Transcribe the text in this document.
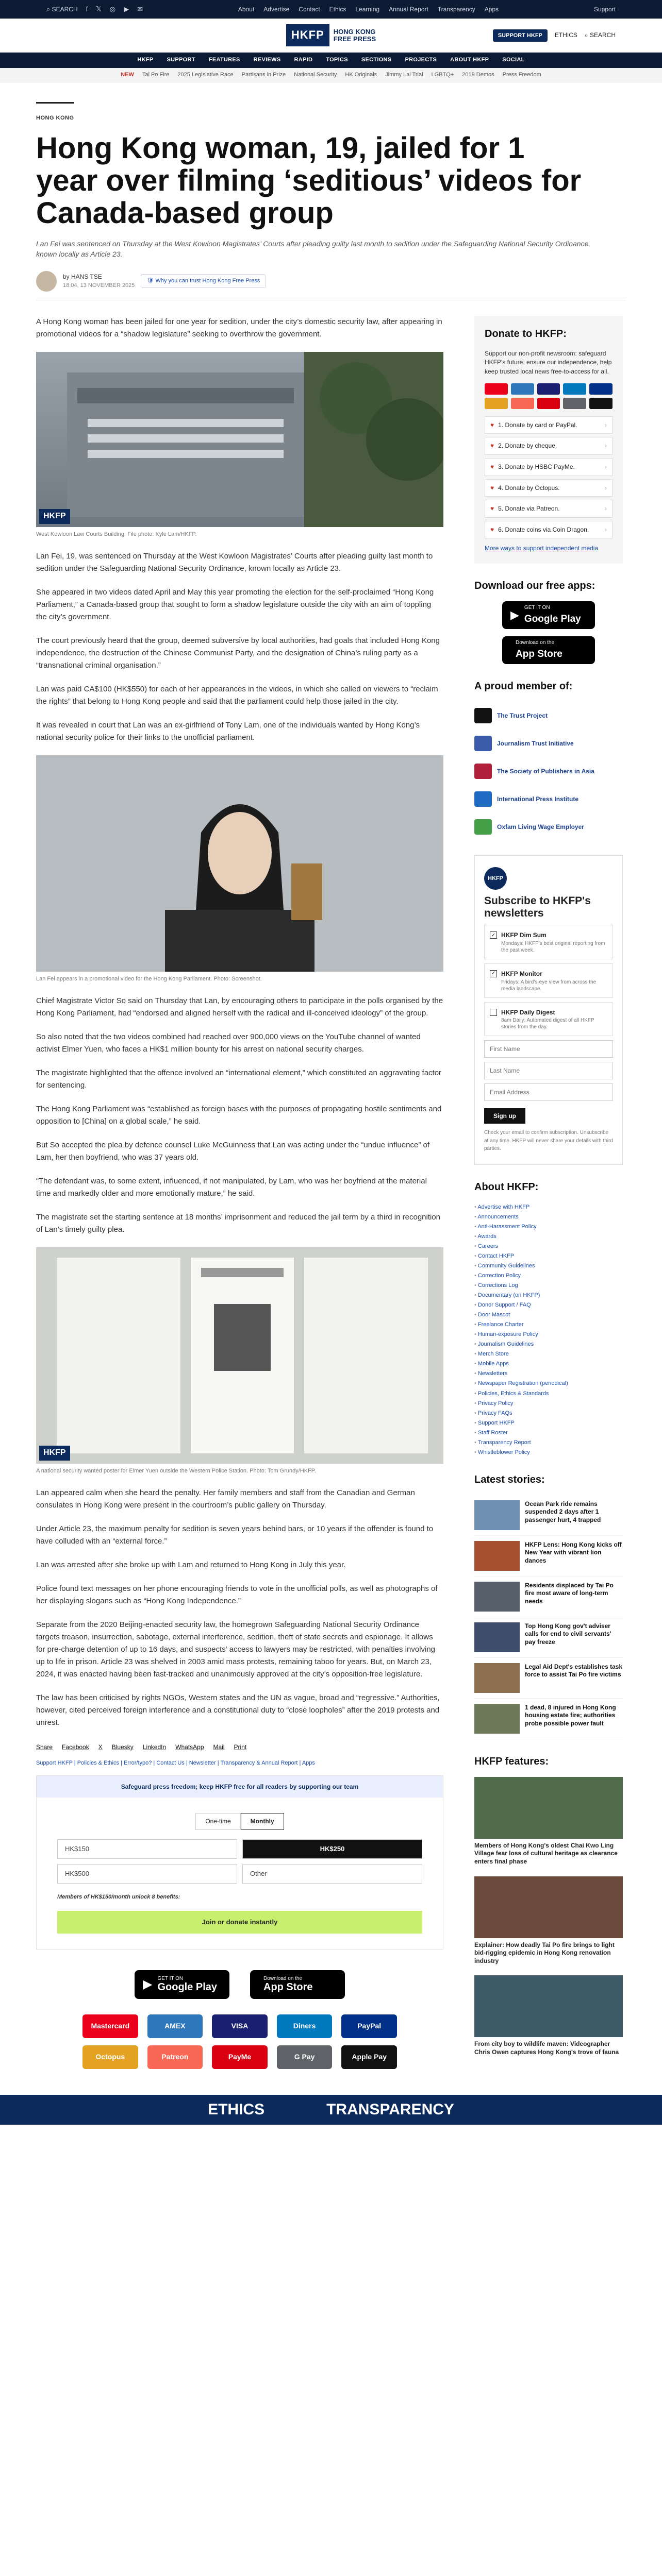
⌕ SEARCH f 𝕏 ◎ ▶ ✉	About Advertise Contact Ethics Learning Annual Report Transparency Apps	Support
HKFP	HONG KONG
FREE PRESS	SUPPORT HKFP	ETHICS ⌕ SEARCH
HKFP SUPPORT FEATURES REVIEWS RAPID TOPICS SECTIONS PROJECTS ABOUT HKFP SOCIAL
NEW Tai Po Fire 2025 Legislative Race Partisans in Prize National Security HK Originals Jimmy Lai Trial LGBTQ+ 2019 Demos Press Freedom
HONG KONG
Hong Kong woman, 19, jailed for 1 year over filming ‘seditious’ videos for Canada-based group
Lan Fei was sentenced on Thursday at the West Kowloon Magistrates’ Courts after pleading guilty last month to sedition under the Safeguarding National Security Ordinance, known locally as Article 23.
by HANS TSE
18:04, 13 NOVEMBER 2025
🛡 Why you can trust Hong Kong Free Press

A Hong Kong woman has been jailed for one year for sedition, under the city’s domestic security law, after appearing in promotional videos for a “shadow legislature” seeking to overthrow the government.

HKFP
West Kowloon Law Courts Building. File photo: Kyle Lam/HKFP.

Lan Fei, 19, was sentenced on Thursday at the West Kowloon Magistrates’ Courts after pleading guilty last month to sedition under the Safeguarding National Security Ordinance, known locally as Article 23.

She appeared in two videos dated April and May this year promoting the election for the self-proclaimed “Hong Kong Parliament,” a Canada-based group that sought to form a shadow legislature outside the city with an aim of toppling the city’s government.

The court previously heard that the group, deemed subversive by local authorities, had goals that included Hong Kong independence, the destruction of the Chinese Communist Party, and the designation of China’s ruling party as a “transnational criminal organisation.”

Lan was paid CA$100 (HK$550) for each of her appearances in the videos, in which she called on viewers to “reclaim the rights” that belong to Hong Kong people and said that the parliament could help those jailed in the city.

It was revealed in court that Lan was an ex-girlfriend of Tony Lam, one of the individuals wanted by Hong Kong’s national security police for their links to the unofficial parliament.

Lan Fei appears in a promotional video for the Hong Kong Parliament. Photo: Screenshot.

Chief Magistrate Victor So said on Thursday that Lan, by encouraging others to participate in the polls organised by the Hong Kong Parliament, had “endorsed and aligned herself with the radical and ill-conceived ideology” of the group.

So also noted that the two videos combined had reached over 900,000 views on the YouTube channel of wanted activist Elmer Yuen, who faces a HK$1 million bounty for his arrest on national security charges.

The magistrate highlighted that the offence involved an “international element,” which constituted an aggravating factor for sentencing.

The Hong Kong Parliament was “established as foreign bases with the purposes of propagating hostile sentiments and opposition to [China] on a global scale,” he said.

But So accepted the plea by defence counsel Luke McGuinness that Lan was acting under the “undue influence” of Lam, her then boyfriend, who was 37 years old.

“The defendant was, to some extent, influenced, if not manipulated, by Lam, who was her boyfriend at the material time and markedly older and more emotionally mature,” he said.

The magistrate set the starting sentence at 18 months’ imprisonment and reduced the jail term by a third in recognition of Lan’s timely guilty plea.

HKFP
A national security wanted poster for Elmer Yuen outside the Western Police Station. Photo: Tom Grundy/HKFP.

Lan appeared calm when she heard the penalty. Her family members and staff from the Canadian and German consulates in Hong Kong were present in the courtroom’s public gallery on Thursday.

Under Article 23, the maximum penalty for sedition is seven years behind bars, or 10 years if the offender is found to have colluded with an “external force.”

Lan was arrested after she broke up with Lam and returned to Hong Kong in July this year.

Police found text messages on her phone encouraging friends to vote in the unofficial polls, as well as photographs of her displaying slogans such as “Hong Kong Independence.”

Separate from the 2020 Beijing-enacted security law, the homegrown Safeguarding National Security Ordinance targets treason, insurrection, sabotage, external interference, sedition, theft of state secrets and espionage. It allows for pre-charge detention of up to 16 days, and suspects’ access to lawyers may be restricted, with penalties involving up to life in prison. Article 23 was shelved in 2003 amid mass protests, remaining taboo for years. But, on March 23, 2024, it was enacted having been fast-tracked and unanimously approved at the city’s opposition-free legislature.

The law has been criticised by rights NGOs, Western states and the UN as vague, broad and “regressive.” Authorities, however, cited perceived foreign interference and a constitutional duty to “close loopholes” after the 2019 protests and unrest.

Share Facebook X Bluesky LinkedIn WhatsApp Mail Print
Support HKFP | Policies & Ethics | Error/typo? | Contact Us | Newsletter | Transparency & Annual Report | Apps
Safeguard press freedom; keep HKFP free for all readers by supporting our team
One-time	Monthly
HK$150	HK$250
HK$500	Other
Members of HK$150/month unlock 8 benefits:
Join or donate instantly
▶ GET IT ON
Google Play
Download on the
App Store
Mastercard	AMEX	VISA	Diners	PayPal
Octopus	Patreon	PayMe	G Pay	Apple Pay
Donate to HKFP:
Support our non-profit newsroom: safeguard HKFP's future, ensure our independence, help keep trusted local news free-to-access for all.
♥ 1. Donate by card or PayPal.	›
♥ 2. Donate by cheque.	›
♥ 3. Donate by HSBC PayMe.	›
♥ 4. Donate by Octopus.	›
♥ 5. Donate via Patreon.	›
♥ 6. Donate coins via Coin Dragon.	›
More ways to support independent media
Download our free apps:
▶
GET IT ON
Google Play
Download on the
App Store
A proud member of:
The Trust Project
Journalism Trust Initiative
The Society of Publishers in Asia
International Press Institute
Oxfam Living Wage Employer
HKFP
Subscribe to HKFP's newsletters
✓ HKFP Dim Sum
Mondays: HKFP's best original reporting from the past week.
✓ HKFP Monitor
Fridays: A bird's-eye view from across the media landscape.
HKFP Daily Digest
8am Daily: Automated digest of all HKFP stories from the day.
First Name Last Name Email Address Sign up
Check your email to confirm subscription. Unsubscribe at any time. HKFP will never share your details with third parties.
About HKFP:
• Advertise with HKFP
• Announcements
• Anti-Harassment Policy
• Awards
• Careers
• Contact HKFP
• Community Guidelines
• Correction Policy
• Corrections Log
• Documentary (on HKFP)
• Donor Support / FAQ
• Door Mascot
• Freelance Charter
• Human-exposure Policy
• Journalism Guidelines
• Merch Store
• Mobile Apps
• Newsletters
• Newspaper Registration (periodical)
• Policies, Ethics & Standards
• Privacy Policy
• Privacy FAQs
• Support HKFP
• Staff Roster
• Transparency Report
• Whistleblower Policy
Latest stories:
Ocean Park ride remains suspended 2 days after 1 passenger hurt, 4 trapped
HKFP Lens: Hong Kong kicks off New Year with vibrant lion dances
Residents displaced by Tai Po fire most aware of long-term needs
Top Hong Kong gov't adviser calls for end to civil servants' pay freeze
Legal Aid Dept's establishes task force to assist Tai Po fire victims
1 dead, 8 injured in Hong Kong housing estate fire; authorities probe possible power fault
HKFP features:
Members of Hong Kong's oldest Chai Kwo Ling Village fear loss of cultural heritage as clearance enters final phase
Explainer: How deadly Tai Po fire brings to light bid-rigging epidemic in Hong Kong renovation industry
From city boy to wildlife maven: Videographer Chris Owen captures Hong Kong's trove of fauna
ETHICS	TRANSPARENCY
